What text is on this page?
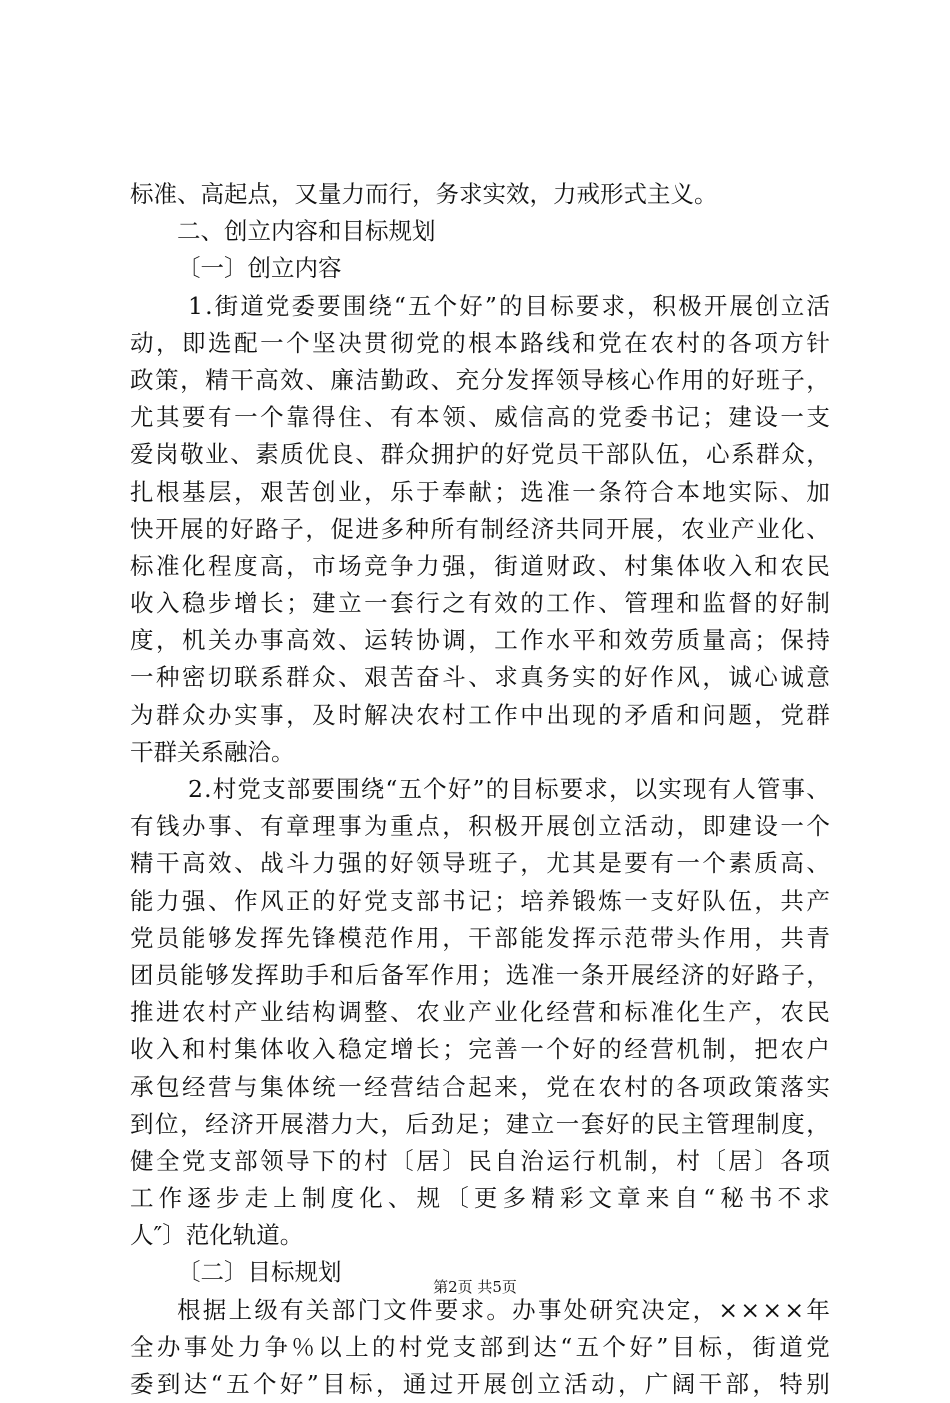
标准、高起点，又量力而行，务求实效，力戒形式主义。
二、创立内容和目标规划
〔一〕创立内容
1 . 街 道 党 委 要 围 绕 “ 五 个 好 ” 的 目 标 要 求 ， 积 极 开 展 创 立 活
动 ， 即 选 配 一 个 坚 决 贯 彻 党 的 根 本 路 线 和 党 在 农 村 的 各 项 方 针
政 策 ， 精 干 高 效 、 廉 洁 勤 政 、 充 分 发 挥 领 导 核 心 作 用 的 好 班 子 ，
尤 其 要 有 一 个 靠 得 住 、 有 本 领 、 威 信 高 的 党 委 书 记 ； 建 设 一 支
爱 岗 敬 业 、 素 质 优 良 、 群 众 拥 护 的 好 党 员 干 部 队 伍 ， 心 系 群 众 ，
扎 根 基 层 ， 艰 苦 创 业 ， 乐 于 奉 献 ； 选 准 一 条 符 合 本 地 实 际 、 加
快 开 展 的 好 路 子 ， 促 进 多 种 所 有 制 经 济 共 同 开 展 ， 农 业 产 业 化 、
标 准 化 程 度 高 ， 市 场 竞 争 力 强 ， 街 道 财 政 、 村 集 体 收 入 和 农 民
收 入 稳 步 增 长 ； 建 立 一 套 行 之 有 效 的 工 作 、 管 理 和 监 督 的 好 制
度 ， 机 关 办 事 高 效 、 运 转 协 调 ， 工 作 水 平 和 效 劳 质 量 高 ； 保 持
一 种 密 切 联 系 群 众 、 艰 苦 奋 斗 、 求 真 务 实 的 好 作 风 ， 诚 心 诚 意
为 群 众 办 实 事 ， 及 时 解 决 农 村 工 作 中 出 现 的 矛 盾 和 问 题 ， 党 群
干群关系融洽。
2 . 村 党 支 部 要 围 绕 “ 五 个 好 ” 的 目 标 要 求 ， 以 实 现 有 人 管 事 、
有 钱 办 事 、 有 章 理 事 为 重 点 ， 积 极 开 展 创 立 活 动 ， 即 建 设 一 个
精 干 高 效 、 战 斗 力 强 的 好 领 导 班 子 ， 尤 其 是 要 有 一 个 素 质 高 、
能 力 强 、 作 风 正 的 好 党 支 部 书 记 ； 培 养 锻 炼 一 支 好 队 伍 ， 共 产
党 员 能 够 发 挥 先 锋 模 范 作 用 ， 干 部 能 发 挥 示 范 带 头 作 用 ， 共 青
团 员 能 够 发 挥 助 手 和 后 备 军 作 用 ； 选 准 一 条 开 展 经 济 的 好 路 子 ，
推 进 农 村 产 业 结 构 调 整 、 农 业 产 业 化 经 营 和 标 准 化 生 产 ， 农 民
收 入 和 村 集 体 收 入 稳 定 增 长 ； 完 善 一 个 好 的 经 营 机 制 ， 把 农 户
承 包 经 营 与 集 体 统 一 经 营 结 合 起 来 ， 党 在 农 村 的 各 项 政 策 落 实
到 位 ， 经 济 开 展 潜 力 大 ， 后 劲 足 ； 建 立 一 套 好 的 民 主 管 理 制 度 ，
健 全 党 支 部 领 导 下 的 村 〔 居 〕 民 自 治 运 行 机 制 ， 村 〔 居 〕 各 项
工 作 逐 步 走 上 制 度 化 、 规 〔 更 多 精 彩 文 章 来 自 “ 秘 书 不 求
人″〕范化轨道。
〔二〕目标规划
根 据 上 级 有 关 部 门 文 件 要 求 。 办 事 处 研 究 决 定 ， × × × × 年
全 办 事 处 力 争 ％ 以 上 的 村 党 支 部 到 达 “ 五 个 好 ” 目 标 ， 街 道 党
委 到 达 “ 五 个 好 ” 目 标 ， 通 过 开 展 创 立 活 动 ， 广 阔 干 部 ， 特 别
第2页 共5页
